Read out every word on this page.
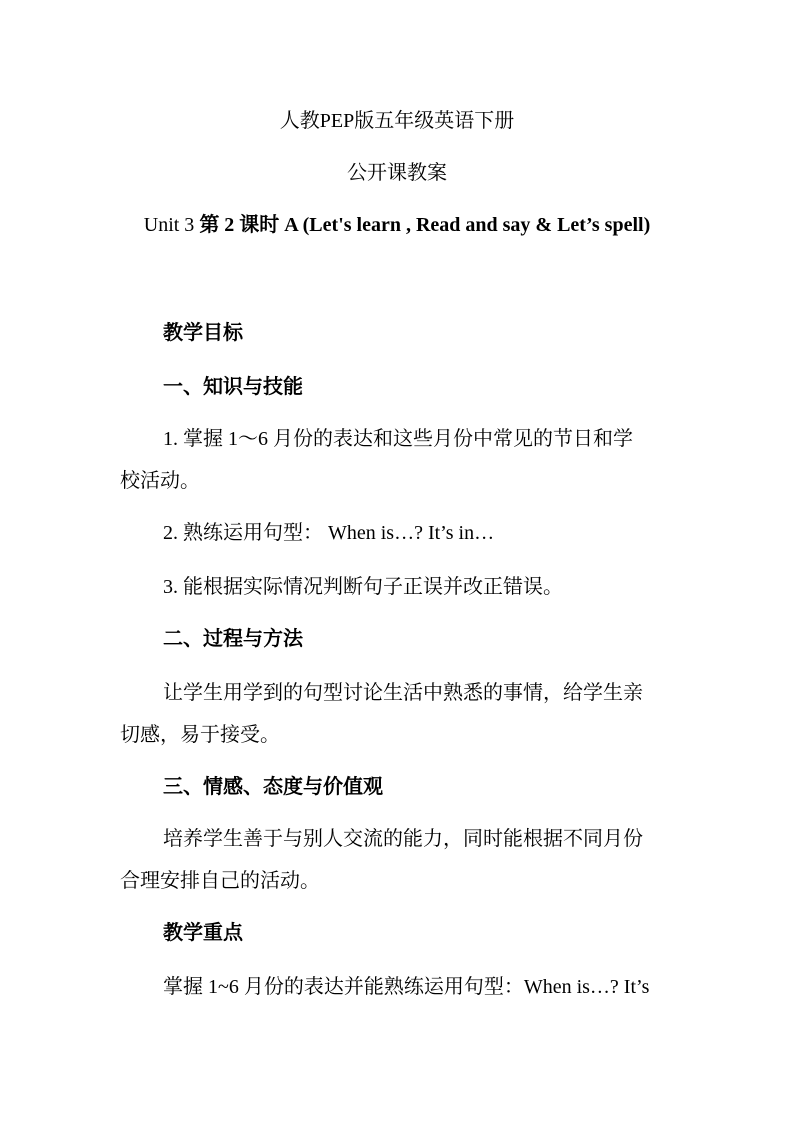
人教PEP版五年级英语下册
公开课教案
Unit 3 第 2 课时 A (Let's learn , Read and say & Let’s spell)
教学目标
一、知识与技能
1. 掌握 1～6 月份的表达和这些月份中常见的节日和学
校活动。
2. 熟练运用句型： When is…? It’s in…
3. 能根据实际情况判断句子正误并改正错误。
二、过程与方法
让学生用学到的句型讨论生活中熟悉的事情，给学生亲
切感，易于接受。
三、情感、态度与价值观
培养学生善于与别人交流的能力，同时能根据不同月份
合理安排自己的活动。
教学重点
掌握 1~6 月份的表达并能熟练运用句型：When is…? It’s
